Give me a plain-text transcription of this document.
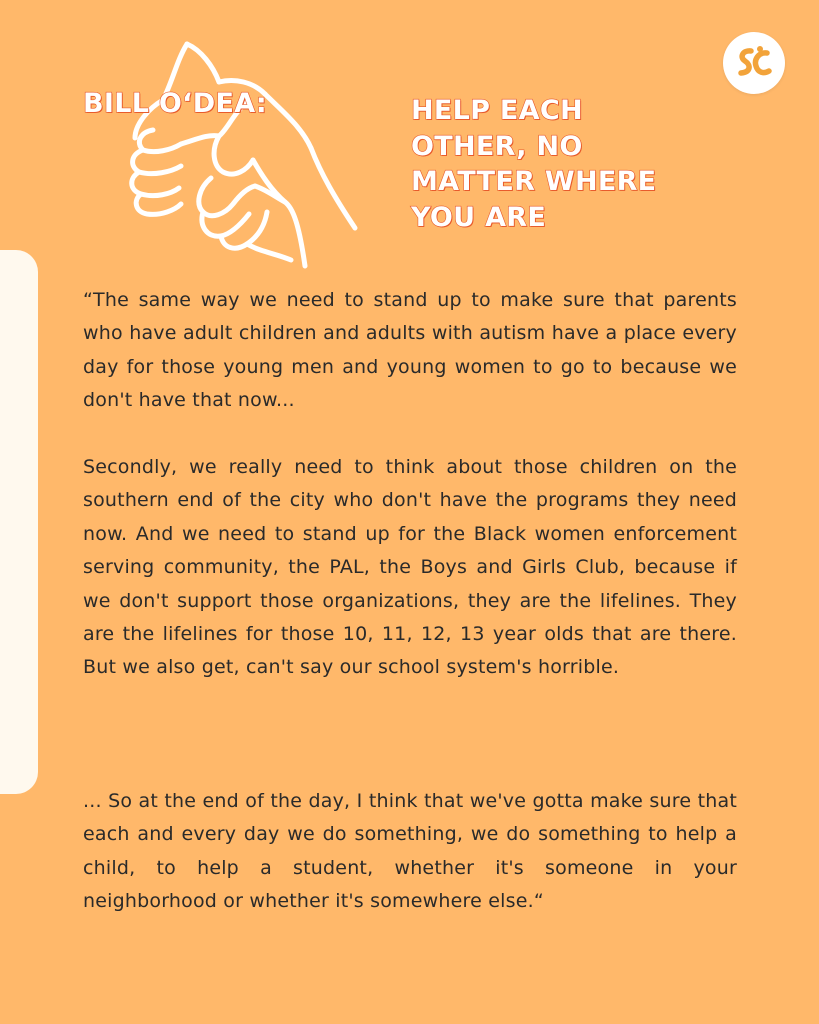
BILL O‘DEA:	HELP EACH
OTHER, NO
MATTER WHERE
YOU ARE

“The same way we need to stand up to make sure that parents who have adult children and adults with autism have a place every day for those young men and young women to go to because we don't have that now...

Secondly, we really need to think about those children on the southern end of the city who don't have the programs they need now. And we need to stand up for the Black women enforcement serving community, the PAL, the Boys and Girls Club, because if we don't support those organizations, they are the lifelines. They are the lifelines for those 10, 11, 12, 13 year olds that are there. But we also get, can't say our school system's horrible.

... So at the end of the day, I think that we've gotta make sure that each and every day we do something, we do something to help a child, to help a student, whether it's someone in your neighborhood or whether it's somewhere else.“
